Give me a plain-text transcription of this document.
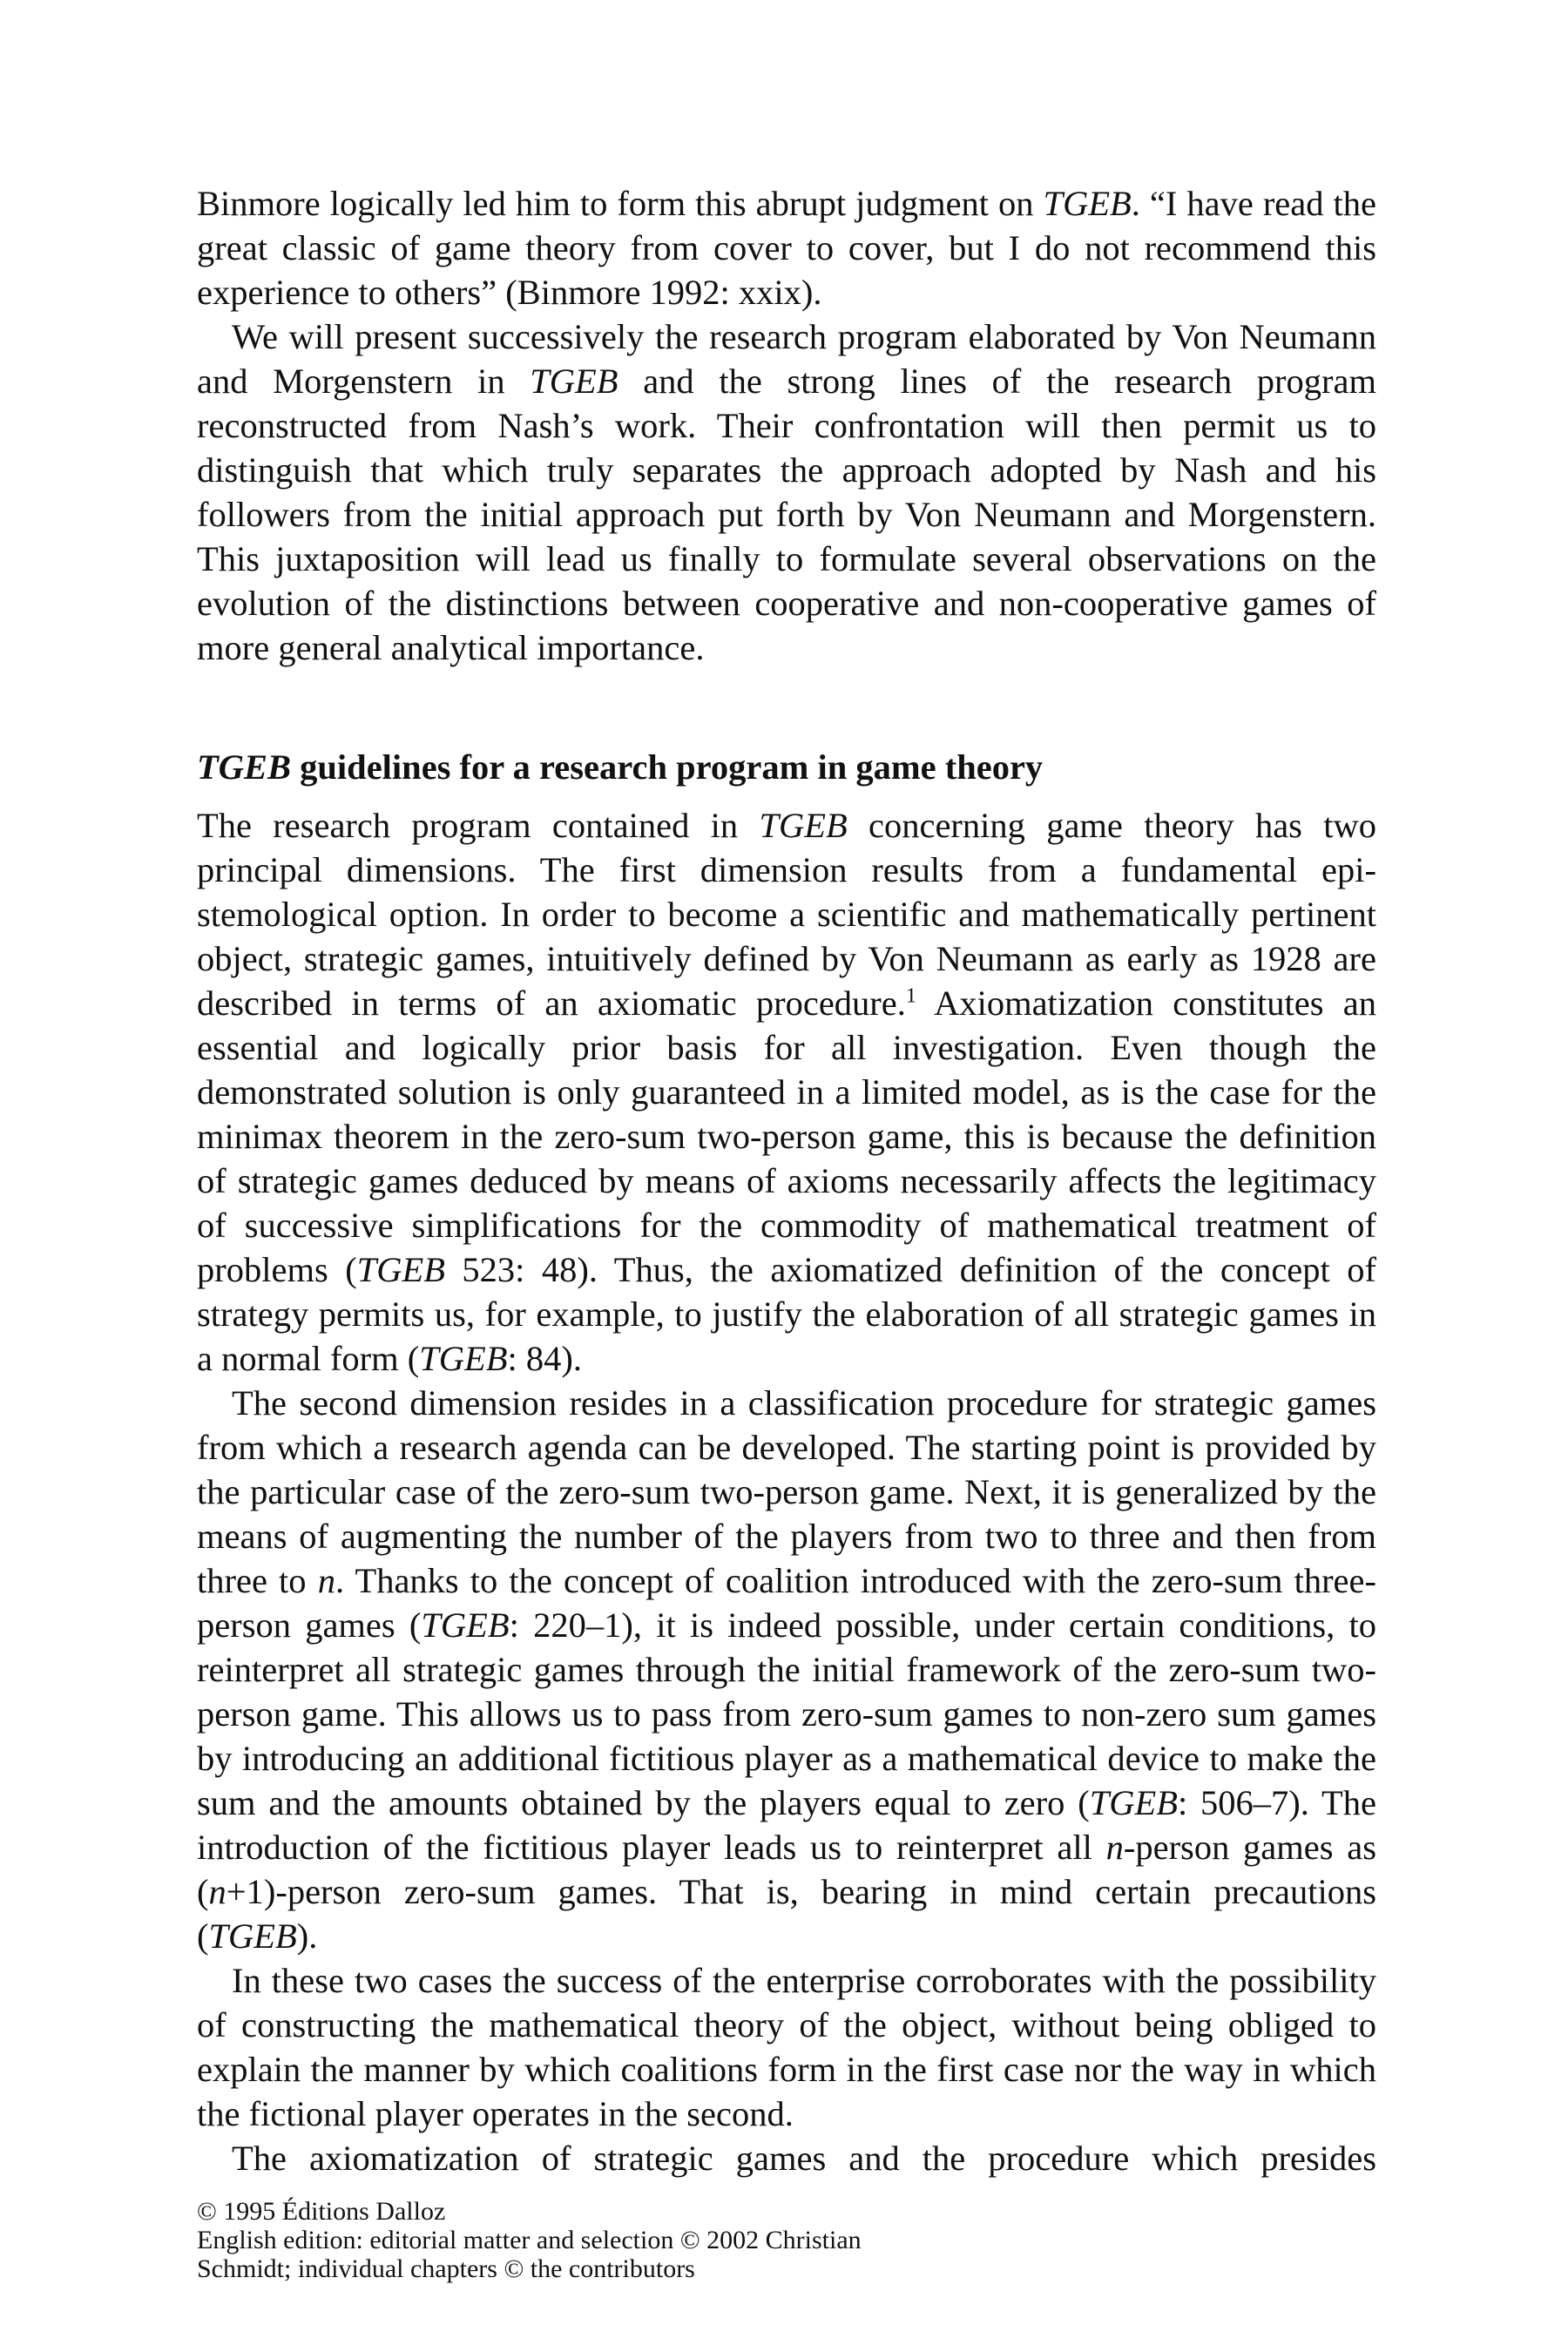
Binmore logically led him to form this abrupt judgment on TGEB. “I have read the great classic of game theory from cover to cover, but I do not recommend this experience to others” (Binmore 1992: xxix).

We will present successively the research program elaborated by Von Neumann and Morgenstern in TGEB and the strong lines of the research program reconstructed from Nash’s work. Their confrontation will then permit us to distinguish that which truly separates the approach adopted by Nash and his followers from the initial approach put forth by Von Neumann and Morgenstern. This juxtaposition will lead us finally to formulate several observations on the evolution of the distinctions between cooperative and non-cooperative games of more general analytical importance.

TGEB guidelines for a research program in game theory

The research program contained in TGEB concerning game theory has two principal dimensions. The first dimension results from a fundamental epistemological option. In order to become a scientific and mathematically pertinent object, strategic games, intuitively defined by Von Neumann as early as 1928 are described in terms of an axiomatic procedure.$^1$ Axiomatization constitutes an essential and logically prior basis for all investigation. Even though the demonstrated solution is only guaranteed in a limited model, as is the case for the minimax theorem in the zero-sum two-person game, this is because the definition of strategic games deduced by means of axioms necessarily affects the legitimacy of successive simplifications for the commodity of mathematical treatment of problems (TGEB 523: 48). Thus, the axiomatized definition of the concept of strategy permits us, for example, to justify the elaboration of all strategic games in a normal form (TGEB: 84).

The second dimension resides in a classification procedure for strategic games from which a research agenda can be developed. The starting point is provided by the particular case of the zero-sum two-person game. Next, it is generalized by the means of augmenting the number of the players from two to three and then from three to n. Thanks to the concept of coalition introduced with the zero-sum three-person games (TGEB: 220–1), it is indeed possible, under certain conditions, to reinterpret all strategic games through the initial framework of the zero-sum two-person game. This allows us to pass from zero-sum games to non-zero sum games by introducing an additional fictitious player as a mathematical device to make the sum and the amounts obtained by the players equal to zero (TGEB: 506–7). The introduction of the fictitious player leads us to reinterpret all n-person games as (n+1)-person zero-sum games. That is, bearing in mind certain precautions (TGEB).

In these two cases the success of the enterprise corroborates with the possibility of constructing the mathematical theory of the object, without being obliged to explain the manner by which coalitions form in the first case nor the way in which the fictional player operates in the second.

The axiomatization of strategic games and the procedure which presides

© 1995 Éditions Dalloz
English edition: editorial matter and selection © 2002 Christian
Schmidt; individual chapters © the contributors
